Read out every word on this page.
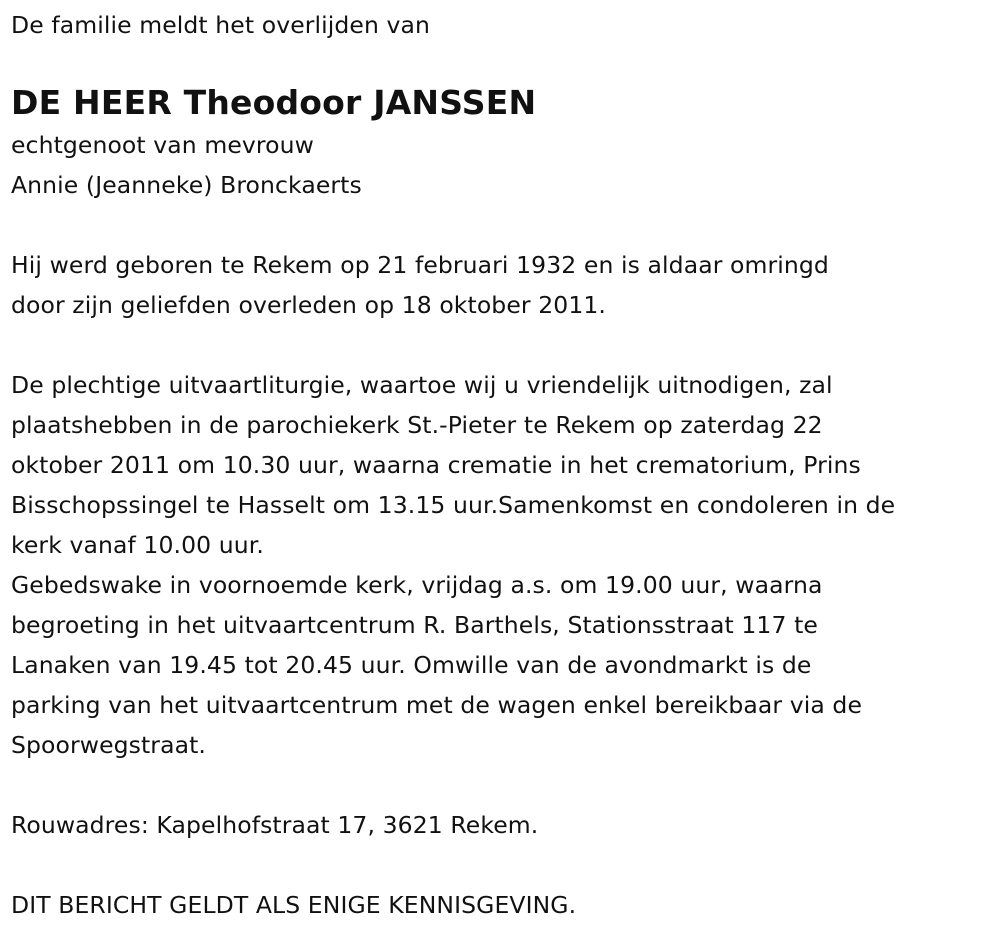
De familie meldt het overlijden van
DE HEER Theodoor JANSSEN
echtgenoot van mevrouw
Annie (Jeanneke) Bronckaerts
Hij werd geboren te Rekem op 21 februari 1932 en is aldaar omringd
door zijn geliefden overleden op 18 oktober 2011.
De plechtige uitvaartliturgie, waartoe wij u vriendelijk uitnodigen, zal
plaatshebben in de parochiekerk St.-Pieter te Rekem op zaterdag 22
oktober 2011 om 10.30 uur, waarna crematie in het crematorium, Prins
Bisschopssingel te Hasselt om 13.15 uur.Samenkomst en condoleren in de
kerk vanaf 10.00 uur.
Gebedswake in voornoemde kerk, vrijdag a.s. om 19.00 uur, waarna
begroeting in het uitvaartcentrum R. Barthels, Stationsstraat 117 te
Lanaken van 19.45 tot 20.45 uur. Omwille van de avondmarkt is de
parking van het uitvaartcentrum met de wagen enkel bereikbaar via de
Spoorwegstraat.
Rouwadres: Kapelhofstraat 17, 3621 Rekem.
DIT BERICHT GELDT ALS ENIGE KENNISGEVING.
